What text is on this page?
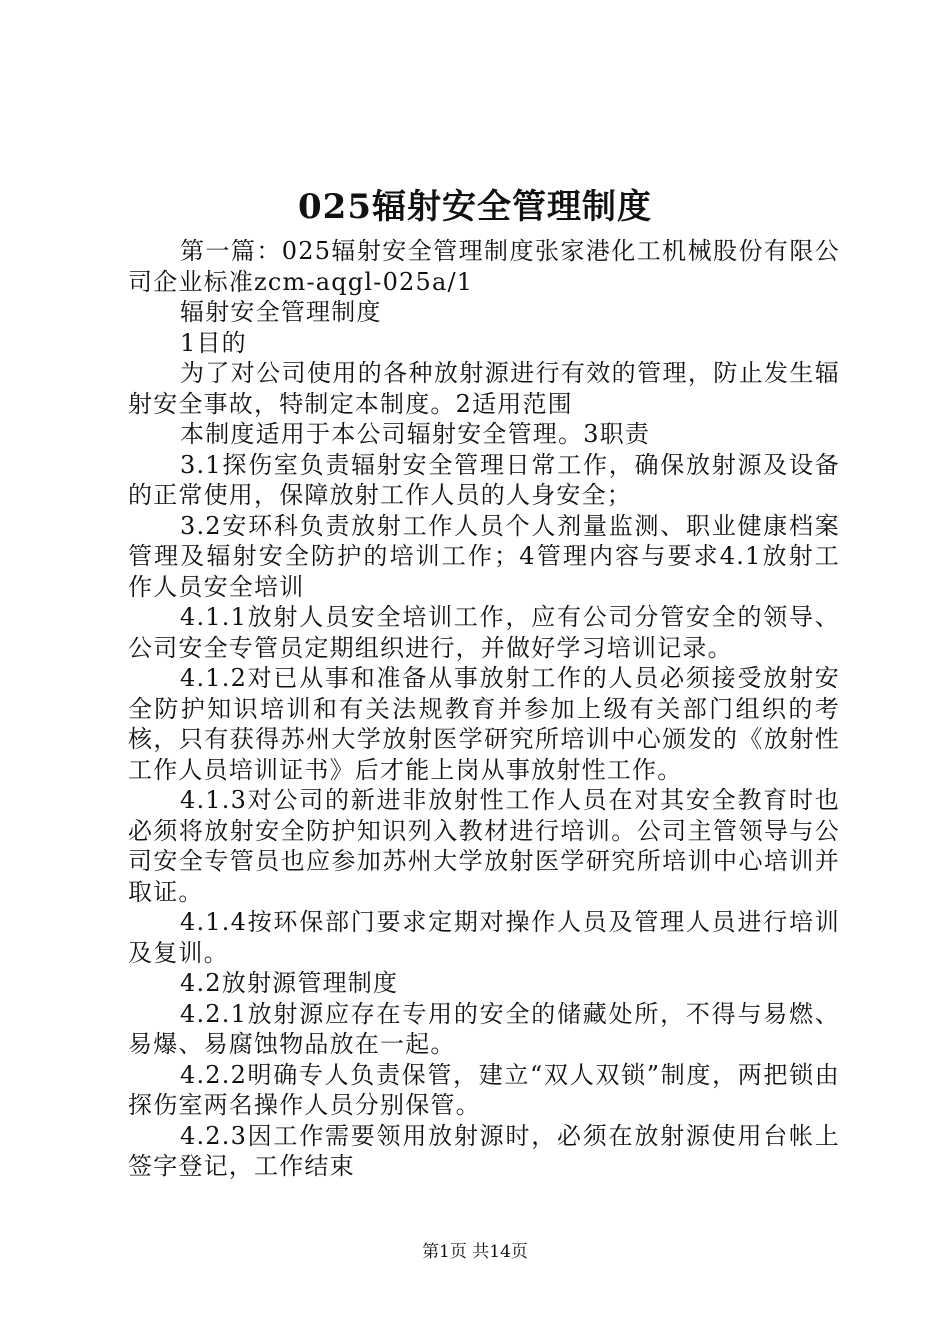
025辐射安全管理制度

第一篇：025辐射安全管理制度张家港化工机械股份有限公司企业标准zcm-aqgl-025a/1

辐射安全管理制度

1目的

为了对公司使用的各种放射源进行有效的管理，防止发生辐射安全事故，特制定本制度。2适用范围

本制度适用于本公司辐射安全管理。3职责

3.1探伤室负责辐射安全管理日常工作，确保放射源及设备的正常使用，保障放射工作人员的人身安全；

3.2安环科负责放射工作人员个人剂量监测、职业健康档案管理及辐射安全防护的培训工作；4管理内容与要求4.1放射工作人员安全培训

4.1.1放射人员安全培训工作，应有公司分管安全的领导、公司安全专管员定期组织进行，并做好学习培训记录。

4.1.2对已从事和准备从事放射工作的人员必须接受放射安全防护知识培训和有关法规教育并参加上级有关部门组织的考核，只有获得苏州大学放射医学研究所培训中心颁发的《放射性工作人员培训证书》后才能上岗从事放射性工作。

4.1.3对公司的新进非放射性工作人员在对其安全教育时也必须将放射安全防护知识列入教材进行培训。公司主管领导与公司安全专管员也应参加苏州大学放射医学研究所培训中心培训并取证。

4.1.4按环保部门要求定期对操作人员及管理人员进行培训及复训。

4.2放射源管理制度

4.2.1放射源应存在专用的安全的储藏处所，不得与易燃、易爆、易腐蚀物品放在一起。

4.2.2明确专人负责保管，建立“双人双锁”制度，两把锁由探伤室两名操作人员分别保管。

4.2.3因工作需要领用放射源时，必须在放射源使用台帐上签字登记，工作结束

第1页 共14页
